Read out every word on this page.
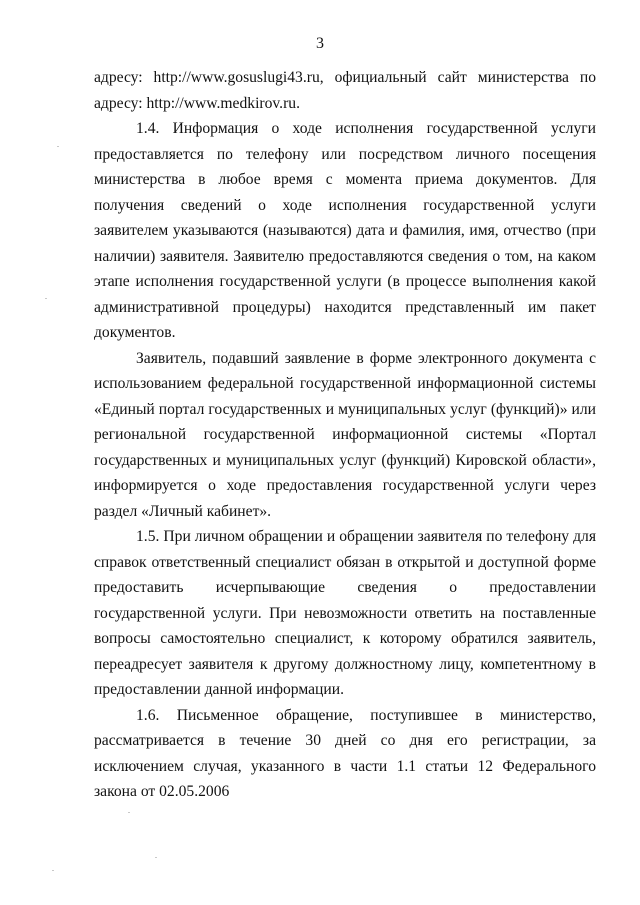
3

адресу: http://www.gosuslugi43.ru, официальный сайт министерства по адресу: http://www.medkirov.ru.

1.4. Информация о ходе исполнения государственной услуги предоставляется по телефону или посредством личного посещения министерства в любое время с момента приема документов. Для получения сведений о ходе исполнения государственной услуги заявителем указываются (называются) дата и фамилия, имя, отчество (при наличии) заявителя. Заявителю предоставляются сведения о том, на каком этапе исполнения государственной услуги (в процессе выполнения какой административной процедуры) находится представленный им пакет документов.

Заявитель, подавший заявление в форме электронного документа с использованием федеральной государственной информационной системы «Единый портал государственных и муниципальных услуг (функций)» или региональной государственной информационной системы «Портал государственных и муниципальных услуг (функций) Кировской области», информируется о ходе предоставления государственной услуги через раздел «Личный кабинет».

1.5. При личном обращении и обращении заявителя по телефону для справок ответственный специалист обязан в открытой и доступной форме предоставить исчерпывающие сведения о предоставлении государственной услуги. При невозможности ответить на поставленные вопросы самостоятельно специалист, к которому обратился заявитель, переадресует заявителя к другому должностному лицу, компетентному в предоставлении данной информации.

1.6. Письменное обращение, поступившее в министерство, рассматривается в течение 30 дней со дня его регистрации, за исключением случая, указанного в части 1.1 статьи 12 Федерального закона от 02.05.2006
